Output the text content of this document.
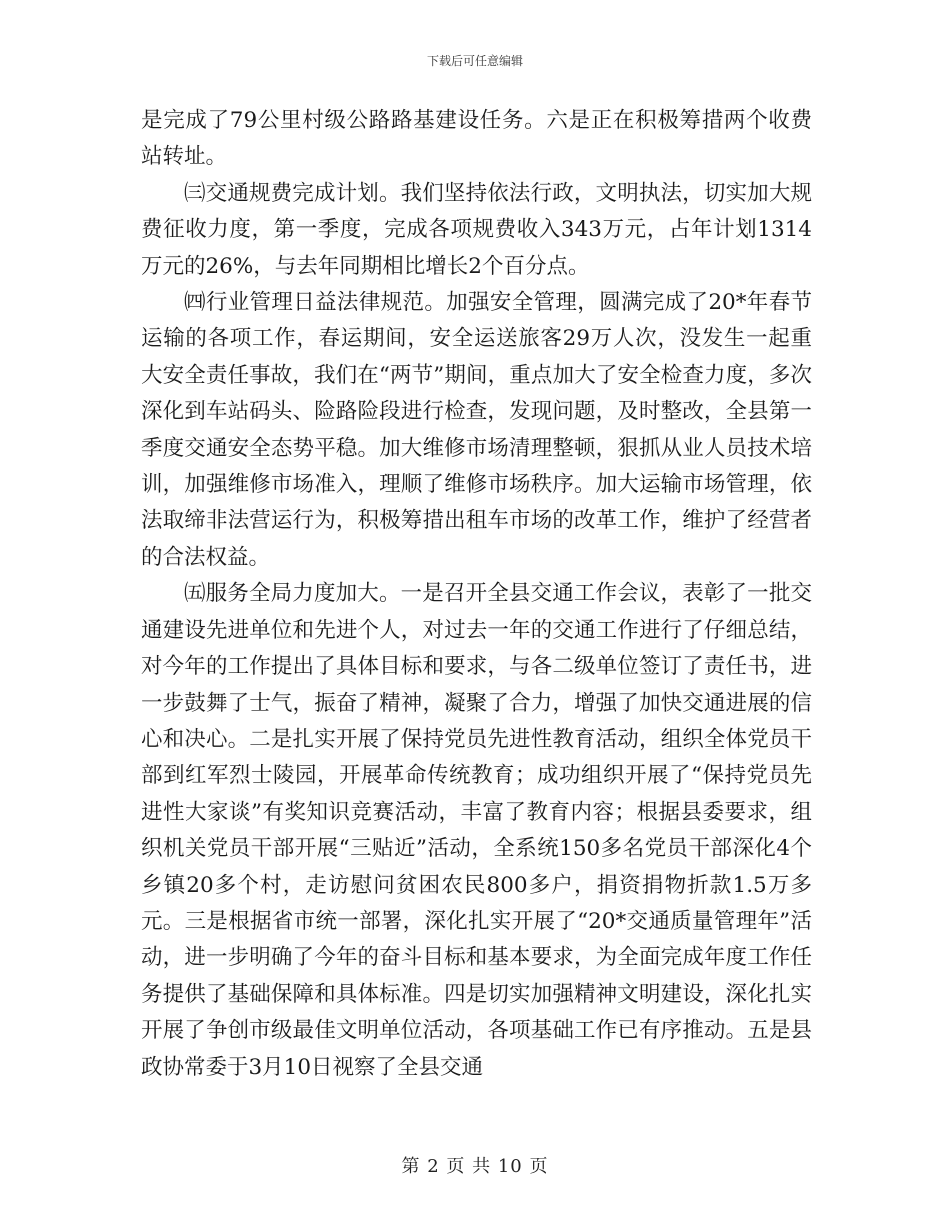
下载后可任意编辑

是完成了79公里村级公路路基建设任务。六是正在积极筹措两个收费站转址。

㈢交通规费完成计划。我们坚持依法行政，文明执法，切实加大规费征收力度，第一季度，完成各项规费收入343万元，占年计划1314万元的26%，与去年同期相比增长2个百分点。

㈣行业管理日益法律规范。加强安全管理，圆满完成了20*年春节运输的各项工作，春运期间，安全运送旅客29万人次，没发生一起重大安全责任事故，我们在“两节”期间，重点加大了安全检查力度，多次深化到车站码头、险路险段进行检查，发现问题，及时整改，全县第一季度交通安全态势平稳。加大维修市场清理整顿，狠抓从业人员技术培训，加强维修市场准入，理顺了维修市场秩序。加大运输市场管理，依法取缔非法营运行为，积极筹措出租车市场的改革工作，维护了经营者的合法权益。

㈤服务全局力度加大。一是召开全县交通工作会议，表彰了一批交通建设先进单位和先进个人，对过去一年的交通工作进行了仔细总结，对今年的工作提出了具体目标和要求，与各二级单位签订了责任书，进一步鼓舞了士气，振奋了精神，凝聚了合力，增强了加快交通进展的信心和决心。二是扎实开展了保持党员先进性教育活动，组织全体党员干部到红军烈士陵园，开展革命传统教育；成功组织开展了“保持党员先进性大家谈”有奖知识竞赛活动，丰富了教育内容；根据县委要求，组织机关党员干部开展“三贴近”活动，全系统150多名党员干部深化4个乡镇20多个村，走访慰问贫困农民800多户，捐资捐物折款1.5万多元。三是根据省市统一部署，深化扎实开展了“20*交通质量管理年”活动，进一步明确了今年的奋斗目标和基本要求，为全面完成年度工作任务提供了基础保障和具体标准。四是切实加强精神文明建设，深化扎实开展了争创市级最佳文明单位活动，各项基础工作已有序推动。五是县政协常委于3月10日视察了全县交通

第 2 页 共 10 页
